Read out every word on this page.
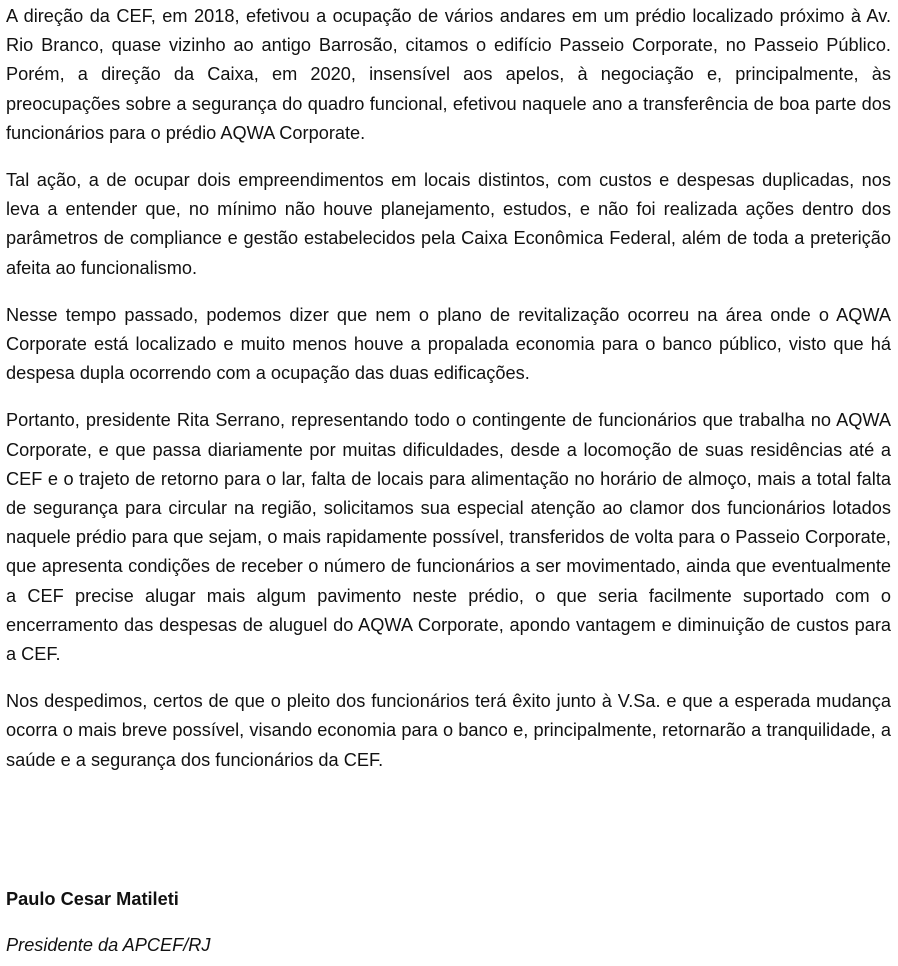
A direção da CEF, em 2018, efetivou a ocupação de vários andares em um prédio localizado próximo à Av. Rio Branco, quase vizinho ao antigo Barrosão, citamos o edifício Passeio Corporate, no Passeio Público. Porém, a direção da Caixa, em 2020, insensível aos apelos, à negociação e, principalmente, às preocupações sobre a segurança do quadro funcional, efetivou naquele ano a transferência de boa parte dos funcionários para o prédio AQWA Corporate.

Tal ação, a de ocupar dois empreendimentos em locais distintos, com custos e despesas duplicadas, nos leva a entender que, no mínimo não houve planejamento, estudos, e não foi realizada ações dentro dos parâmetros de compliance e gestão estabelecidos pela Caixa Econômica Federal, além de toda a preterição afeita ao funcionalismo.

Nesse tempo passado, podemos dizer que nem o plano de revitalização ocorreu na área onde o AQWA Corporate está localizado e muito menos houve a propalada economia para o banco público, visto que há despesa dupla ocorrendo com a ocupação das duas edificações.

Portanto, presidente Rita Serrano, representando todo o contingente de funcionários que trabalha no AQWA Corporate, e que passa diariamente por muitas dificuldades, desde a locomoção de suas residências até a CEF e o trajeto de retorno para o lar, falta de locais para alimentação no horário de almoço, mais a total falta de segurança para circular na região, solicitamos sua especial atenção ao clamor dos funcionários lotados naquele prédio para que sejam, o mais rapidamente possível, transferidos de volta para o Passeio Corporate, que apresenta condições de receber o número de funcionários a ser movimentado, ainda que eventualmente a CEF precise alugar mais algum pavimento neste prédio, o que seria facilmente suportado com o encerramento das despesas de aluguel do AQWA Corporate, apondo vantagem e diminuição de custos para a CEF.

Nos despedimos, certos de que o pleito dos funcionários terá êxito junto à V.Sa. e que a esperada mudança ocorra o mais breve possível, visando economia para o banco e, principalmente, retornarão a tranquilidade, a saúde e a segurança dos funcionários da CEF.

Paulo Cesar Matileti

Presidente da APCEF/RJ
